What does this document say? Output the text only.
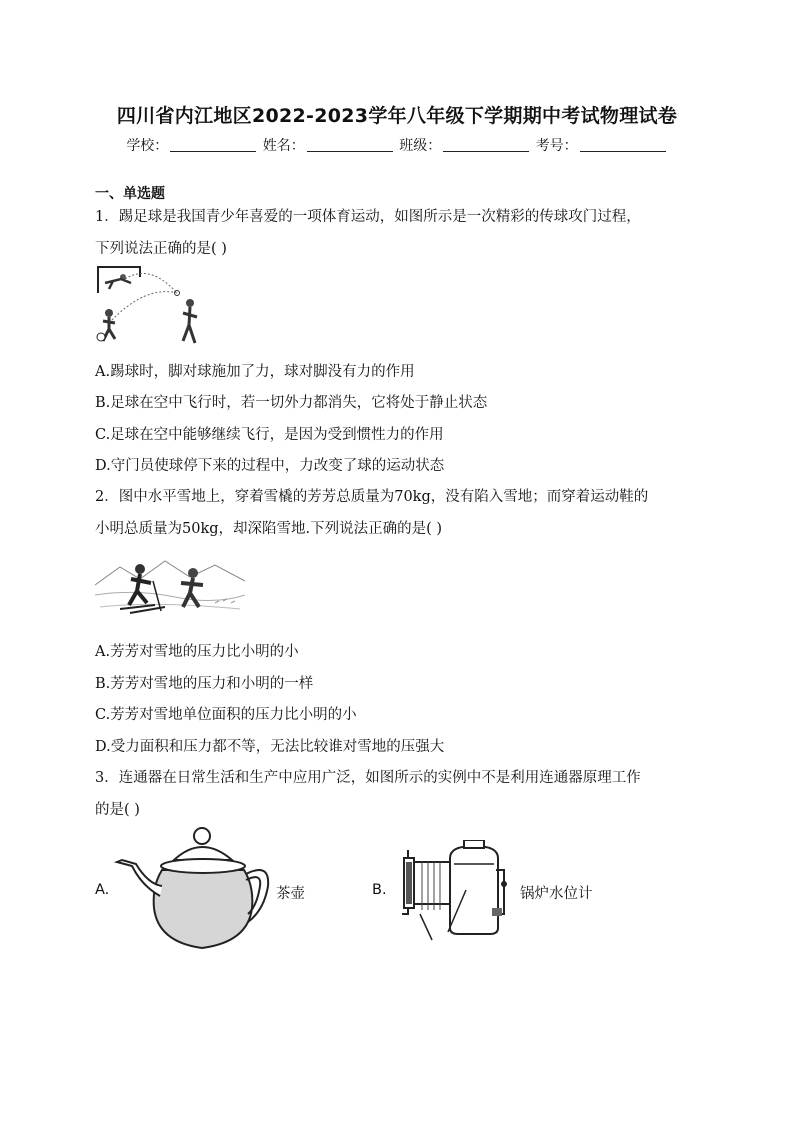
四川省内江地区2022-2023学年八年级下学期期中考试物理试卷
学校：	姓名：	班级：	考号：
一、单选题
1．踢足球是我国青少年喜爱的一项体育运动，如图所示是一次精彩的传球攻门过程，
下列说法正确的是( )
A.踢球时，脚对球施加了力，球对脚没有力的作用
B.足球在空中飞行时，若一切外力都消失，它将处于静止状态
C.足球在空中能够继续飞行，是因为受到惯性力的作用
D.守门员使球停下来的过程中，力改变了球的运动状态
2．图中水平雪地上，穿着雪橇的芳芳总质量为70kg，没有陷入雪地；而穿着运动鞋的
小明总质量为50kg，却深陷雪地.下列说法正确的是( )
A.芳芳对雪地的压力比小明的小
B.芳芳对雪地的压力和小明的一样
C.芳芳对雪地单位面积的压力比小明的小
D.受力面积和压力都不等，无法比较谁对雪地的压强大
3．连通器在日常生活和生产中应用广泛，如图所示的实例中不是利用连通器原理工作
的是( )
A.	茶壶	B.	锅炉水位计
